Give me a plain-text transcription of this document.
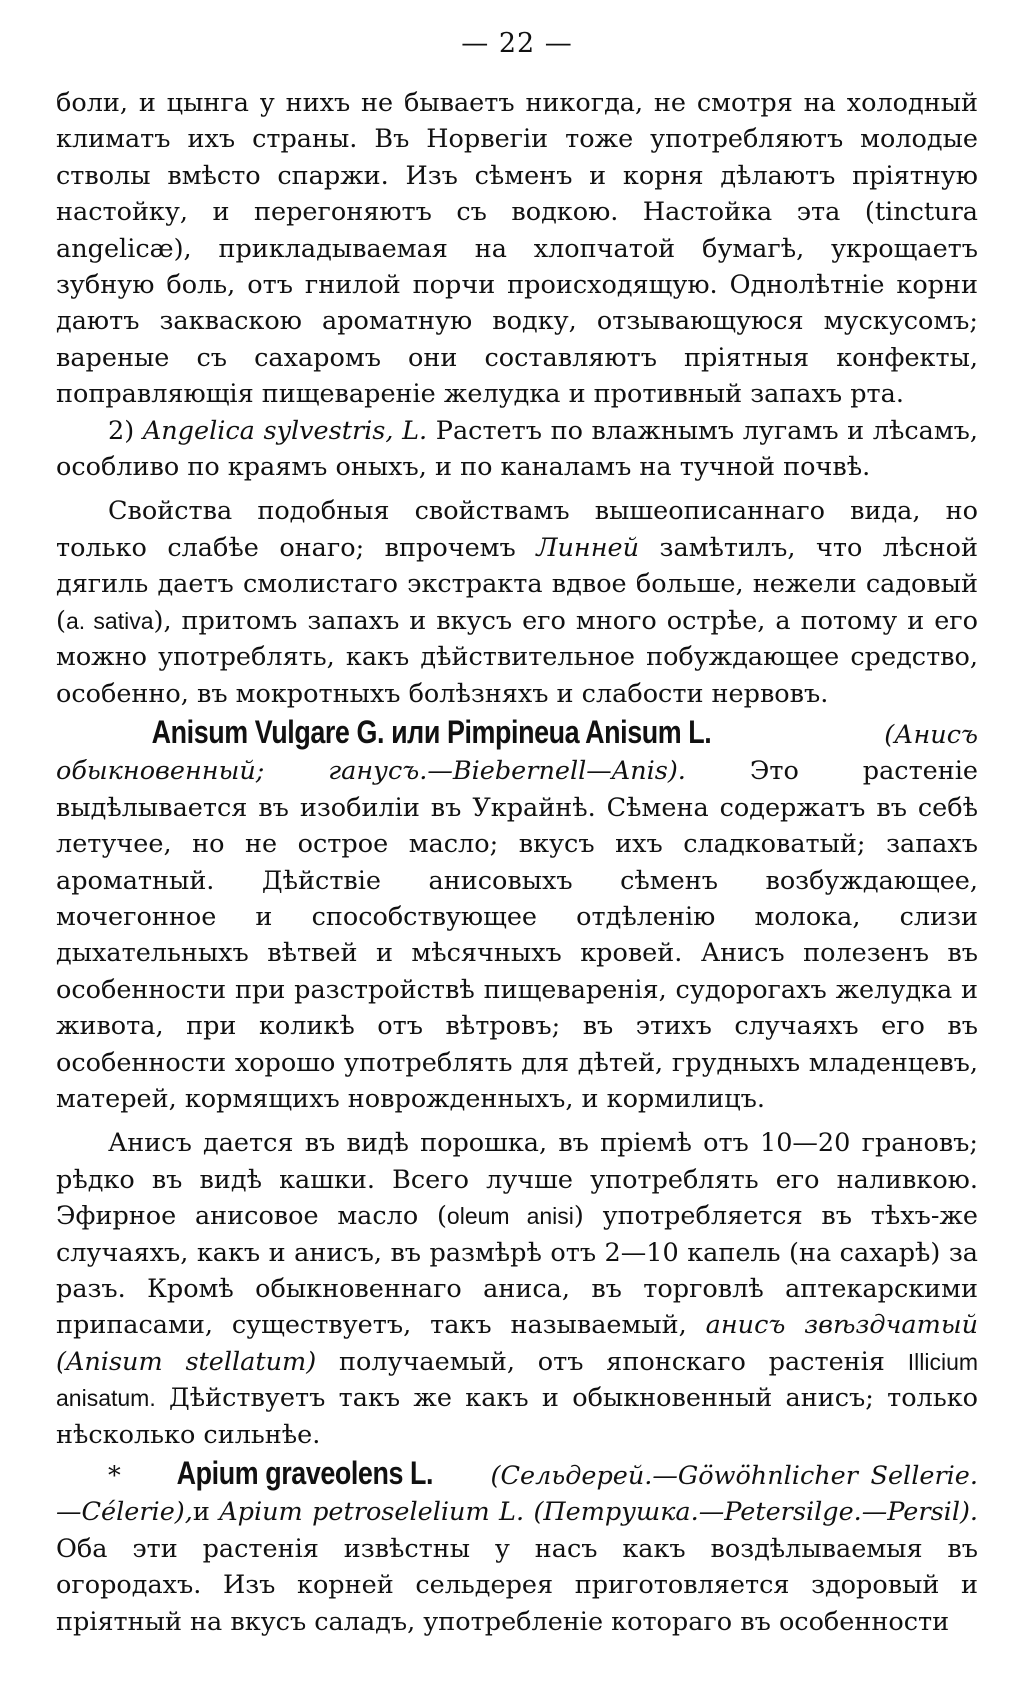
— 22 —

боли, и цынга у нихъ не бываетъ никогда, не смотря на холодный климатъ ихъ страны. Въ Норвегіи тоже употребляютъ молодые стволы вмѣсто спаржи. Изъ сѣменъ и корня дѣлаютъ пріятную настойку, и перегоняютъ съ водкою. Настойка эта (tinctura angelicæ), прикладываемая на хлопчатой бумагѣ, укрощаетъ зубную боль, отъ гнилой порчи происходящую. Однолѣтніе корни даютъ закваскою ароматную водку, отзывающуюся мускусомъ; вареные съ сахаромъ они составляютъ пріятныя конфекты, поправляющія пищевареніе желудка и противный запахъ рта.

2) Angelica sylvestris, L. Растетъ по влажнымъ лугамъ и лѣсамъ, особливо по краямъ оныхъ, и по каналамъ на тучной почвѣ.

Свойства подобныя свойствамъ вышеописаннаго вида, но только слабѣе онаго; впрочемъ Линней замѣтилъ, что лѣсной дягиль даетъ смолистаго экстракта вдвое больше, нежели садовый (a. sativa), притомъ запахъ и вкусъ его много острѣе, а потому и его можно употреблять, какъ дѣйствительное побуждающее средство, особенно, въ мокротныхъ болѣзняхъ и слабости нервовъ.

Anisum Vulgare G. или Pimpineua Anisum L.	(Анисъ обыкновенный; ганусъ.—Biebernell—Anis).	Это растеніе выдѣлывается въ изобиліи въ Украйнѣ. Сѣмена содержатъ въ себѣ летучее, но не острое масло; вкусъ ихъ сладковатый; запахъ ароматный. Дѣйствіе анисовыхъ сѣменъ возбуждающее, мочегонное и способствующее отдѣленію молока, слизи дыхательныхъ вѣтвей и мѣсячныхъ кровей. Анисъ полезенъ въ особенности при разстройствѣ пищеваренія, судорогахъ желудка и живота, при коликѣ отъ вѣтровъ; въ этихъ случаяхъ его въ особенности хорошо употреблять для дѣтей, грудныхъ младенцевъ, матерей, кормящихъ новрожденныхъ, и кормилицъ.

Анисъ дается въ видѣ порошка, въ пріемѣ отъ 10—20 грановъ; рѣдко въ видѣ кашки. Всего лучше употреблять его наливкою. Эфирное анисовое масло (oleum anisi) употребляется въ тѣхъ-же случаяхъ, какъ и анисъ, въ размѣрѣ отъ 2—10 капель (на сахарѣ) за разъ. Кромѣ обыкновеннаго аниса, въ торговлѣ аптекарскими припасами, существуетъ, такъ называемый, анисъ звѣздчатый (Anisum stellatum) получаемый, отъ японскаго растенія Illicium anisatum. Дѣйствуетъ такъ же какъ и обыкновенный анисъ; только нѣсколько сильнѣе.

* Apium graveolens L. (Сельдерей.—Göwöhnlicher Sellerie.—Célerie),и Apium petroselelium L. (Петрушка.—Petersilge.—Persil). Оба эти растенія извѣстны у насъ какъ воздѣлываемыя въ огородахъ. Изъ корней сельдерея приготовляется здоровый и пріятный на вкусъ саладъ, употребленіе котораго въ особенности
